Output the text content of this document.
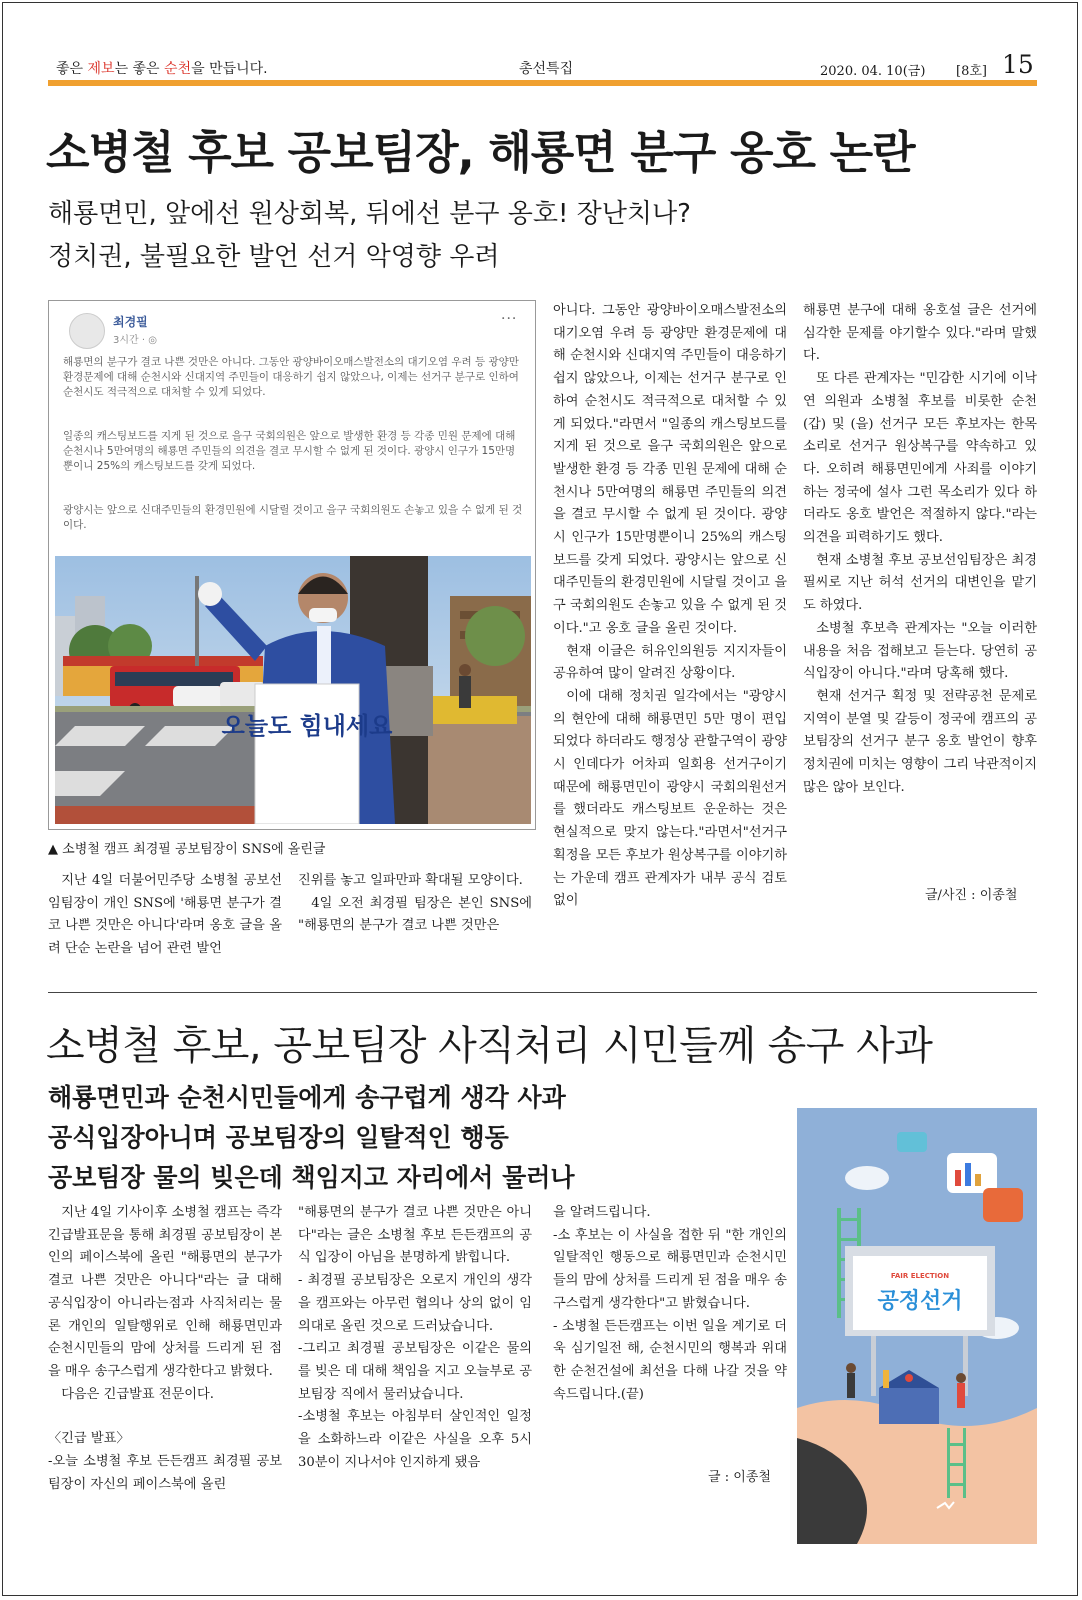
좋은 제보는 좋은 순천을 만듭니다.	총선특집	2020. 04. 10(금) [8호] 15
소병철 후보 공보팀장, 해룡면 분구 옹호 논란
해룡면민, 앞에선 원상회복, 뒤에선 분구 옹호! 장난치나?
정치권, 불필요한 발언 선거 악영향 우려
최경필
3시간 · ◎
···
해룡면의 분구가 결코 나쁜 것만은 아니다. 그동안 광양바이오매스발전소의 대기오염 우려 등 광양만 환경문제에 대해 순천시와 신대지역 주민들이 대응하기 쉽지 않았으나, 이제는 선거구 분구로 인하여 순천시도 적극적으로 대처할 수 있게 되었다.
일종의 캐스팅보드를 지게 된 것으로 을구 국회의원은 앞으로 발생한 환경 등 각종 민원 문제에 대해 순천시나 5만여명의 해룡면 주민들의 의견을 결코 무시할 수 없게 된 것이다. 광양시 인구가 15만명뿐이니 25%의 캐스팅보드를 갖게 되었다.
광양시는 앞으로 신대주민들의 환경민원에 시달릴 것이고 을구 국회의원도 손놓고 있을 수 없게 된 것이다.
오늘도 힘내세요
▲ 소병철 캠프 최경필 공보팀장이 SNS에 올린글

지난 4일 더불어민주당 소병철 공보선임팀장이 개인 SNS에 '해룡면 분구가 결코 나쁜 것만은 아니다'라며 옹호 글을 올려 단순 논란을 넘어 관련 발언

진위를 놓고 일파만파 확대될 모양이다.

4일 오전 최경필 팀장은 본인 SNS에 "해룡면의 분구가 결코 나쁜 것만은

아니다. 그동안 광양바이오매스발전소의 대기오염 우려 등 광양만 환경문제에 대해 순천시와 신대지역 주민들이 대응하기 쉽지 않았으나, 이제는 선거구 분구로 인하여 순천시도 적극적으로 대처할 수 있게 되었다."라면서 "일종의 캐스팅보드를 지게 된 것으로 을구 국회의원은 앞으로 발생한 환경 등 각종 민원 문제에 대해 순천시나 5만여명의 해룡면 주민들의 의견을 결코 무시할 수 없게 된 것이다. 광양시 인구가 15만명뿐이니 25%의 캐스팅보드를 갖게 되었다. 광양시는 앞으로 신대주민들의 환경민원에 시달릴 것이고 을구 국회의원도 손놓고 있을 수 없게 된 것이다."고 옹호 글을 올린 것이다.

현재 이글은 허유인의원등 지지자들이 공유하여 많이 알려진 상황이다.

이에 대해 정치권 일각에서는 "광양시의 현안에 대해 해룡면민 5만 명이 편입되었다 하더라도 행정상 관할구역이 광양시 인데다가 어차피 일회용 선거구이기 때문에 해룡면민이 광양시 국회의원선거를 했더라도 캐스팅보트 운운하는 것은 현실적으로 맞지 않는다."라면서"선거구 획정을 모든 후보가 원상복구를 이야기하는 가운데 캠프 관계자가 내부 공식 검토 없이

해룡면 분구에 대해 옹호설 글은 선거에 심각한 문제를 야기할수 있다."라며 말했다.

또 다른 관계자는 "민감한 시기에 이낙연 의원과 소병철 후보를 비롯한 순천(갑) 및 (을) 선거구 모든 후보자는 한목소리로 선거구 원상복구를 약속하고 있다. 오히려 해룡면민에게 사죄를 이야기하는 정국에 설사 그런 목소리가 있다 하더라도 옹호 발언은 적절하지 않다."라는 의견을 피력하기도 했다.

현재 소병철 후보 공보선임팀장은 최경필씨로 지난 허석 선거의 대변인을 맡기도 하였다.

소병철 후보측 관계자는 "오늘 이러한 내용을 처음 접해보고 듣는다. 당연히 공식입장이 아니다."라며 당혹해 했다.

현재 선거구 획정 및 전략공천 문제로 지역이 분열 및 갈등이 정국에 캠프의 공보팀장의 선거구 분구 옹호 발언이 향후 정치권에 미치는 영향이 그리 낙관적이지많은 않아 보인다.

글/사진 : 이종철
소병철 후보, 공보팀장 사직처리 시민들께 송구 사과
해룡면민과 순천시민들에게 송구럽게 생각 사과
공식입장아니며 공보팀장의 일탈적인 행동
공보팀장 물의 빚은데 책임지고 자리에서 물러나

지난 4일 기사이후 소병철 캠프는 즉각 긴급발표문을 통해 최경필 공보팀장이 본인의 페이스북에 올린 "해룡면의 분구가 결코 나쁜 것만은 아니다"라는 글 대해 공식입장이 아니라는점과 사직처리는 물론 개인의 일탈행위로 인해 해룡면민과 순천시민들의 맘에 상처를 드리게 된 점을 매우 송구스럽게 생각한다고 밝혔다.

다음은 긴급발표 전문이다.

〈긴급 발표〉

-오늘 소병철 후보 든든캠프 최경필 공보팀장이 자신의 페이스북에 올린

"해룡면의 분구가 결코 나쁜 것만은 아니다"라는 글은 소병철 후보 든든캠프의 공식 입장이 아님을 분명하게 밝힙니다.

- 최경필 공보팀장은 오로지 개인의 생각을 캠프와는 아무런 협의나 상의 없이 임의대로 올린 것으로 드러났습니다.

-그리고 최경필 공보팀장은 이같은 물의를 빚은 데 대해 책임을 지고 오늘부로 공보팀장 직에서 물러났습니다.

-소병철 후보는 아침부터 살인적인 일정을 소화하느라 이같은 사실을 오후 5시30분이 지나서야 인지하게 됐음

을 알려드립니다.

-소 후보는 이 사실을 접한 뒤 "한 개인의 일탈적인 행동으로 해룡면민과 순천시민들의 맘에 상처를 드리게 된 점을 매우 송구스럽게 생각한다"고 밝혔습니다.

- 소병철 든든캠프는 이번 일을 계기로 더욱 심기일전 해, 순천시민의 행복과 위대한 순천건설에 최선을 다해 나갈 것을 약속드립니다.(끝)

글 : 이종철
FAIR ELECTION
공정선거
